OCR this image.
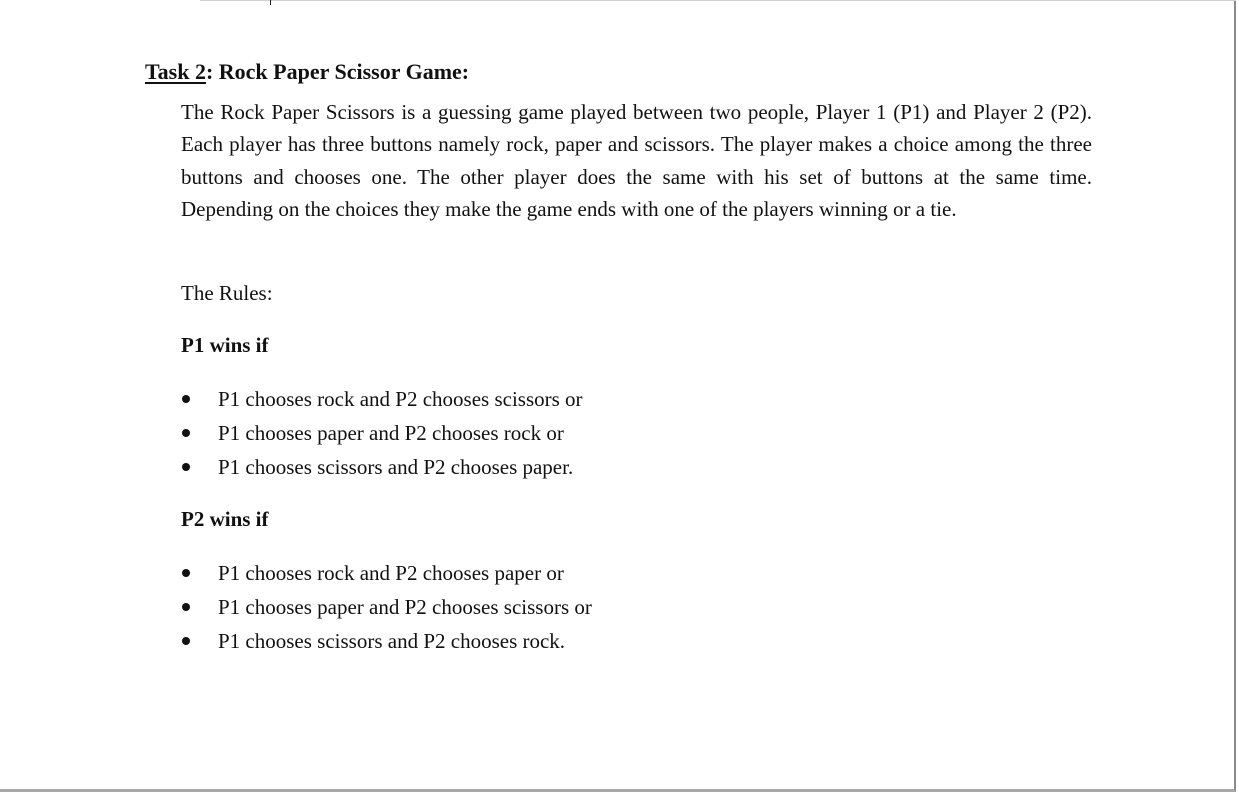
Task 2: Rock Paper Scissor Game:

The Rock Paper Scissors is a guessing game played between two people, Player 1 (P1) and Player 2 (P2). Each player has three buttons namely rock, paper and scissors. The player makes a choice among the three buttons and chooses one. The other player does the same with his set of buttons at the same time. Depending on the choices they make the game ends with one of the players winning or a tie.

The Rules:
P1 wins if
P1 chooses rock and P2 chooses scissors or
P1 chooses paper and P2 chooses rock or
P1 chooses scissors and P2 chooses paper.
P2 wins if
P1 chooses rock and P2 chooses paper or
P1 chooses paper and P2 chooses scissors or
P1 chooses scissors and P2 chooses rock.
